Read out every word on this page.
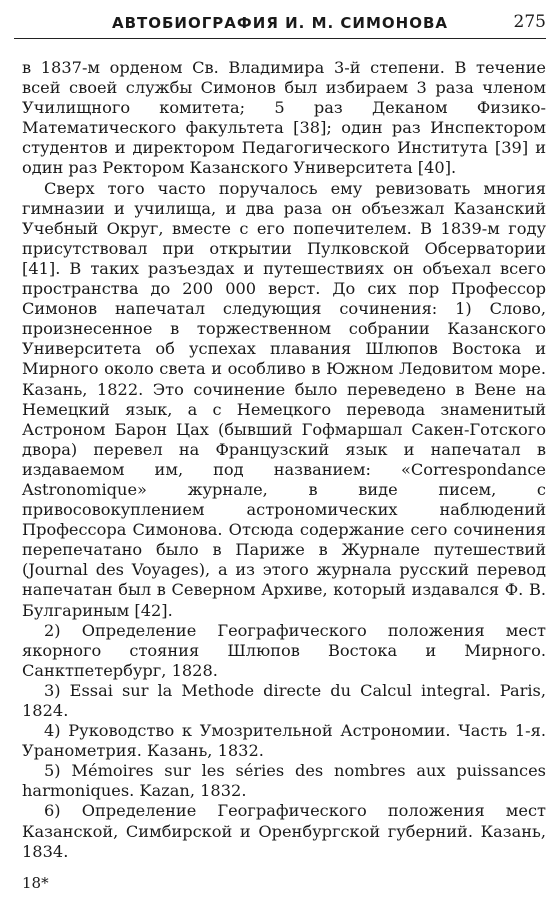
АВТОБИОГРАФИЯ И. М. СИМОНОВА	275

в 1837-м орденом Св. Владимира 3-й степени. В течение всей своей службы Симонов был избираем 3 раза членом Училищного комитета; 5 раз Деканом Физико-Математического факультета [38]; один раз Инспектором студентов и директором Педагогического Института [39] и один раз Ректором Казанского Университета [40].

Сверх того часто поручалось ему ревизовать многия гимназии и училища, и два раза он объезжал Казанский Учебный Округ, вместе с его попечителем. В 1839-м году присутствовал при открытии Пулковской Обсерватории [41]. В таких разъездах и путешествиях он объехал всего пространства до 200 000 верст. До сих пор Профессор Симонов напечатал следующия сочинения: 1) Слово, произнесенное в торжественном собрании Казанского Университета об успехах плавания Шлюпов Востока и Мирного около света и особливо в Южном Ледовитом море. Казань, 1822. Это сочинение было переведено в Вене на Немецкий язык, а с Немецкого перевода знаменитый Астроном Барон Цах (бывший Гофмаршал Сакен-Готского двора) перевел на Французский язык и напечатал в издаваемом им, под названием: «Correspondance Astronomique» журнале, в виде писем, с привосовокуплением астрономических наблюдений Профессора Симонова. Отсюда содержание сего сочинения перепечатано было в Париже в Журнале путешествий (Journal des Voyages), а из этого журнала русский перевод напечатан был в Северном Архиве, который издавался Ф. В. Булгариным [42].

2) Определение Географического положения мест якорного стояния Шлюпов Востока и Мирного. Санктпетербург, 1828.

3) Essai sur la Methode directe du Calcul integral. Paris, 1824.

4) Руководство к Умозрительной Астрономии. Часть 1-я. Уранометрия. Казань, 1832.

5) Mémoires sur les séries des nombres aux puissances harmoniques. Kazan, 1832.

6) Определение Географического положения мест Казанской, Симбирской и Оренбургской губерний. Казань, 1834.

18*
